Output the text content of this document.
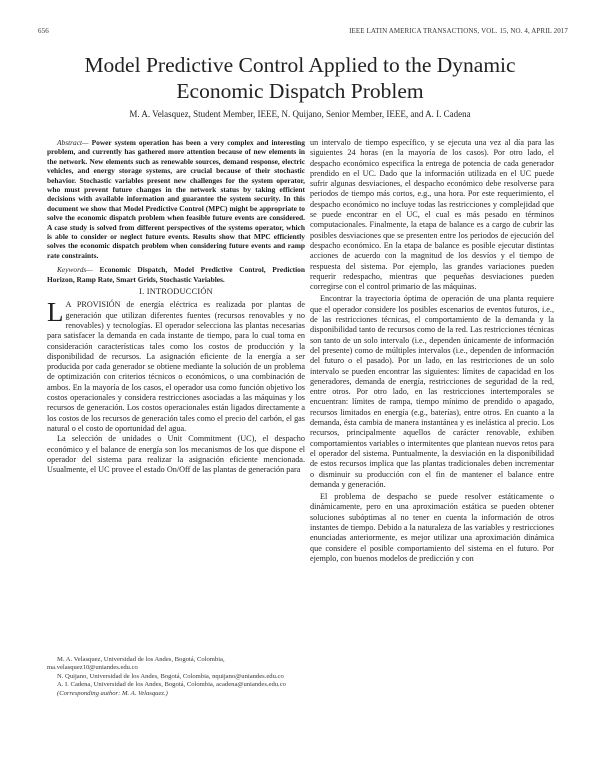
656	IEEE LATIN AMERICA TRANSACTIONS, VOL. 15, NO. 4, APRIL 2017
Model Predictive Control Applied to the Dynamic Economic Dispatch Problem
M. A. Velasquez, Student Member, IEEE, N. Quijano, Senior Member, IEEE, and A. I. Cadena

Abstract— Power system operation has been a very complex and interesting problem, and currently has gathered more attention because of new elements in the network. New elements such as renewable sources, demand response, electric vehicles, and energy storage systems, are crucial because of their stochastic behavior. Stochastic variables present new challenges for the system operator, who must prevent future changes in the network status by taking efficient decisions with available information and guarantee the system security. In this document we show that Model Predictive Control (MPC) might be appropriate to solve the economic dispatch problem when feasible future events are considered. A case study is solved from different perspectives of the systems operator, which is able to consider or neglect future events. Results show that MPC efficiently solves the economic dispatch problem when considering future events and ramp rate constraints.

Keywords— Economic Dispatch, Model Predictive Control, Prediction Horizon, Ramp Rate, Smart Grids, Stochastic Variables.

I. INTRODUCCIÓN

L A PROVISIÓN de energía eléctrica es realizada por plantas de generación que utilizan diferentes fuentes (recursos renovables y no renovables) y tecnologías. El operador selecciona las plantas necesarias para satisfacer la demanda en cada instante de tiempo, para lo cual toma en consideración características tales como los costos de producción y la disponibilidad de recursos. La asignación eficiente de la energía a ser producida por cada generador se obtiene mediante la solución de un problema de optimización con criterios técnicos o económicos, o una combinación de ambos. En la mayoría de los casos, el operador usa como función objetivo los costos operacionales y considera restricciones asociadas a las máquinas y los recursos de generación. Los costos operacionales están ligados directamente a los costos de los recursos de generación tales como el precio del carbón, el gas natural o el costo de oportunidad del agua.

La selección de unidades o Unit Commitment (UC), el despacho económico y el balance de energía son los mecanismos de los que dispone el operador del sistema para realizar la asignación eficiente mencionada. Usualmente, el UC provee el estado On/Off de las plantas de generación para

M. A. Velasquez, Universidad de los Andes, Bogotá, Colombia, ma.velasquez10@uniandes.edu.co

N. Quijano, Universidad de los Andes, Bogotá, Colombia, nquijano@uniandes.edu.co

A. I. Cadena, Universidad de los Andes, Bogotá, Colombia, acadena@uniandes.edu.co

(Corresponding author: M. A. Velasquez.)

un intervalo de tiempo específico, y se ejecuta una vez al día para las siguientes 24 horas (en la mayoría de los casos). Por otro lado, el despacho económico especifica la entrega de potencia de cada generador prendido en el UC. Dado que la información utilizada en el UC puede sufrir algunas desviaciones, el despacho económico debe resolverse para periodos de tiempo más cortos, e.g., una hora. Por este requerimiento, el despacho económico no incluye todas las restricciones y complejidad que se puede encontrar en el UC, el cual es más pesado en términos computacionales. Finalmente, la etapa de balance es a cargo de cubrir las posibles desviaciones que se presenten entre los periodos de ejecución del despacho económico. En la etapa de balance es posible ejecutar distintas acciones de acuerdo con la magnitud de los desvíos y el tiempo de respuesta del sistema. Por ejemplo, las grandes variaciones pueden requerir redespacho, mientras que pequeñas desviaciones pueden corregirse con el control primario de las máquinas.

Encontrar la trayectoria óptima de operación de una planta requiere que el operador considere los posibles escenarios de eventos futuros, i.e., de las restricciones técnicas, el comportamiento de la demanda y la disponibilidad tanto de recursos como de la red. Las restricciones técnicas son tanto de un solo intervalo (i.e., dependen únicamente de información del presente) como de múltiples intervalos (i.e., dependen de información del futuro o el pasado). Por un lado, en las restricciones de un solo intervalo se pueden encontrar las siguientes: límites de capacidad en los generadores, demanda de energía, restricciones de seguridad de la red, entre otros. Por otro lado, en las restricciones intertemporales se encuentran: límites de rampa, tiempo mínimo de prendido o apagado, recursos limitados en energía (e.g., baterías), entre otros. En cuanto a la demanda, ésta cambia de manera instantánea y es inelástica al precio. Los recursos, principalmente aquellos de carácter renovable, exhiben comportamientos variables o intermitentes que plantean nuevos retos para el operador del sistema. Puntualmente, la desviación en la disponibilidad de estos recursos implica que las plantas tradicionales deben incrementar o disminuir su producción con el fin de mantener el balance entre demanda y generación.

El problema de despacho se puede resolver estáticamente o dinámicamente, pero en una aproximación estática se pueden obtener soluciones subóptimas al no tener en cuenta la información de otros instantes de tiempo. Debido a la naturaleza de las variables y restricciones enunciadas anteriormente, es mejor utilizar una aproximación dinámica que considere el posible comportamiento del sistema en el futuro. Por ejemplo, con buenos modelos de predicción y con
